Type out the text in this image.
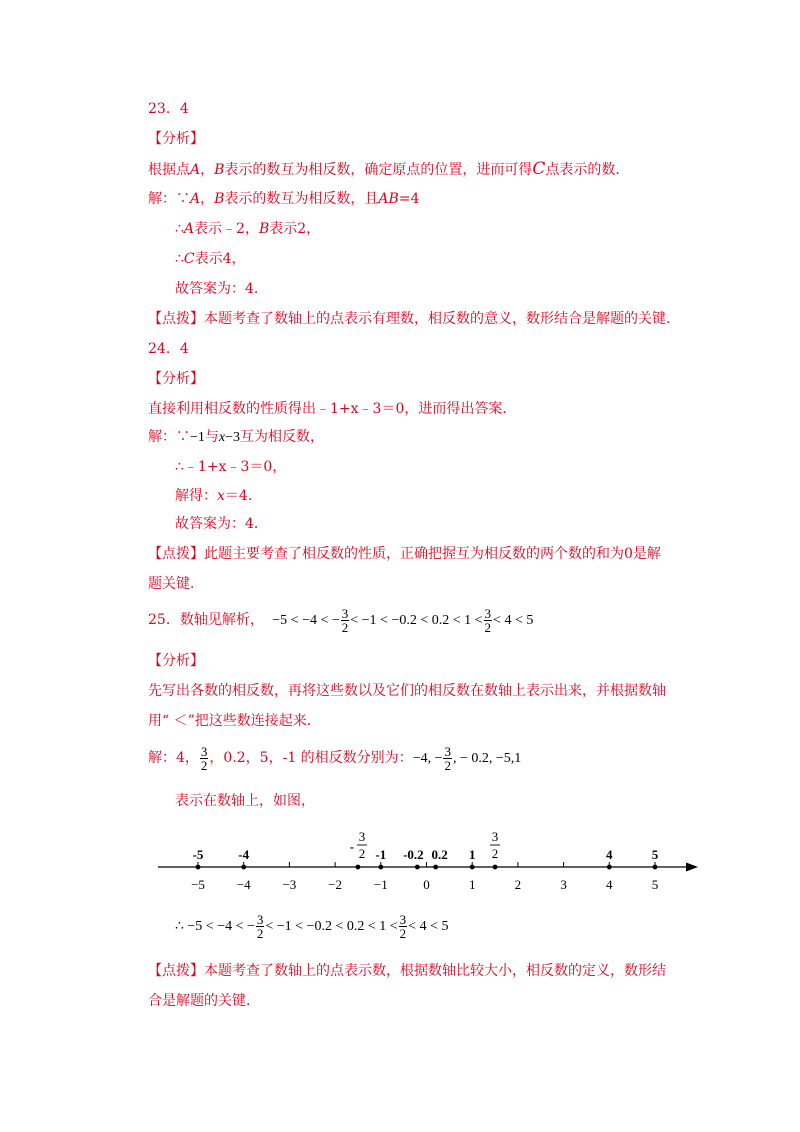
23．4
【分析】
根据点A，B表示的数互为相反数，确定原点的位置，进而可得C点表示的数．
解：∵A，B表示的数互为相反数，且AB=4
∴A表示﹣2，B表示2，
∴C表示4，
故答案为：4．
【点拨】本题考查了数轴上的点表示有理数，相反数的意义，数形结合是解题的关键．
24．4
【分析】
直接利用相反数的性质得出﹣1+x﹣3＝0，进而得出答案．
解：∵−1与x−3互为相反数，
∴﹣1+x﹣3＝0，
解得：x＝4．
故答案为：4．
【点拨】此题主要考查了相反数的性质，正确把握互为相反数的两个数的和为0是解
题关键．
25．数轴见解析， −5 < −4 < − $\frac{3}{2} < -1 < -0.2 < 0.2 < 1 < \frac{3}{2} < 4 < 5$
【分析】
先写出各数的相反数，再将这些数以及它们的相反数在数轴上表示出来，并根据数轴
用“ ＜”把这些数连接起来．
解：4， $\frac{3}{2}$ ，0.2，5，-1 的相反数分别为：−4, − $\frac{3}{2}$ , − 0.2, −5,1
表示在数轴上，如图，
−5 −4 −3 −2 −1	0	1	2	3	4	5
-5	-4
-
3
2 -1 -0.2 0.2 1
3
2	4	5
∴ −5 < −4 < − $\frac{3}{2} < -1 < -0.2 < 0.2 < 1 < \frac{3}{2} < 4 < 5$
【点拨】本题考查了数轴上的点表示数，根据数轴比较大小，相反数的定义，数形结
合是解题的关键．
